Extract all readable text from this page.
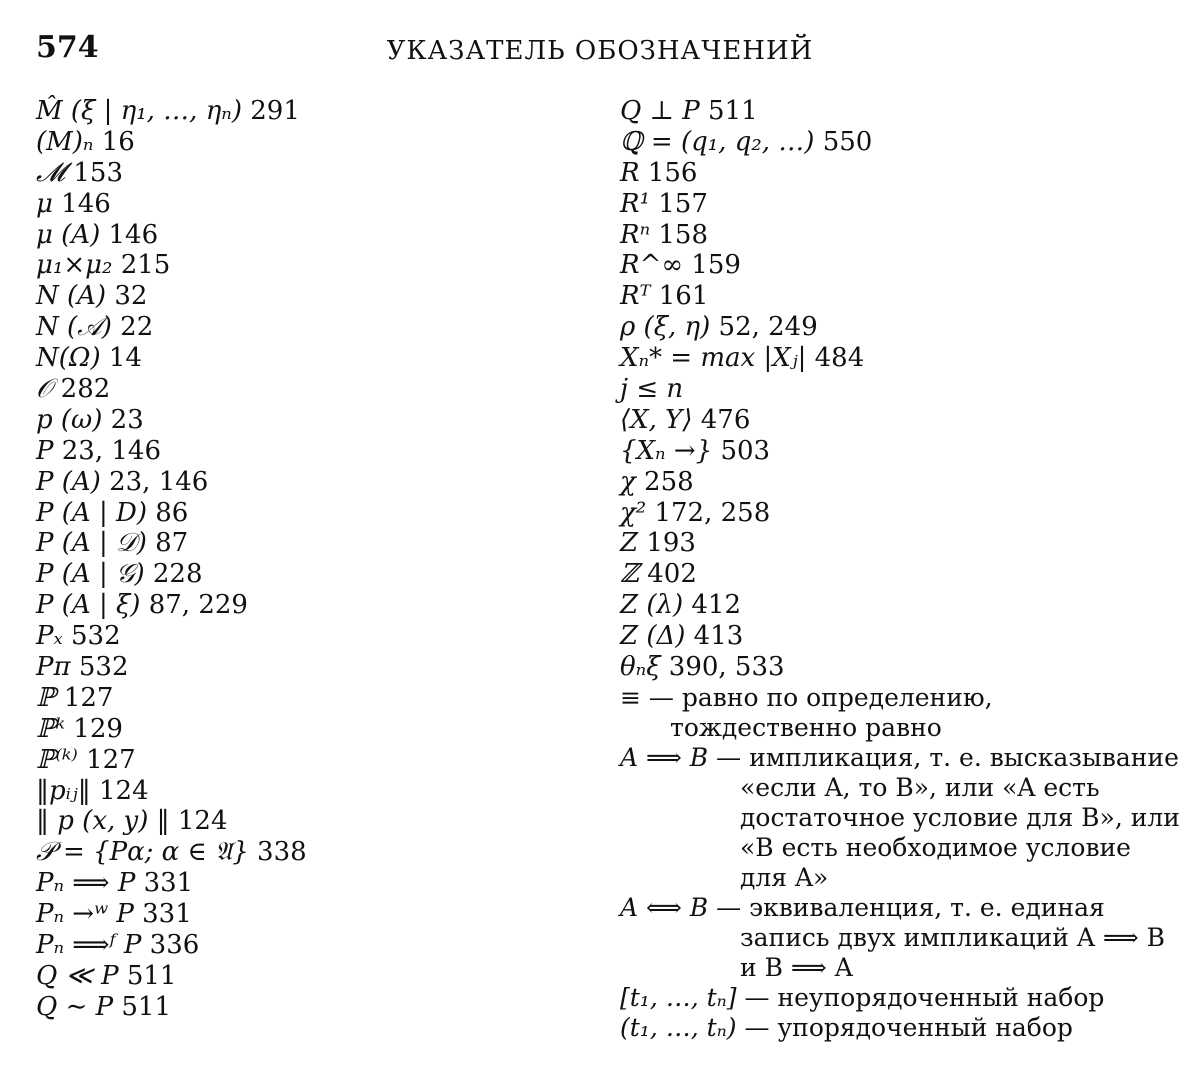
574	УКАЗАТЕЛЬ ОБОЗНАЧЕНИЙ
M̂ (ξ | η₁, …, ηₙ) 291
(M)ₙ 16
𝓜 153
μ 146
μ (A) 146
μ₁×μ₂ 215
N (A) 32
N (𝒜) 22
N(Ω) 14
𝒪 282
p (ω) 23
P 23, 146
P (A) 23, 146
P (A | D) 86
P (A | 𝒟) 87
P (A | 𝒢) 228
P (A | ξ) 87, 229
Pₓ 532
Pπ 532
ℙ 127
ℙᵏ 129
ℙ⁽ᵏ⁾ 127
‖pᵢⱼ‖ 124
‖ p (x, y) ‖ 124
𝒫 = {Pα; α ∈ 𝔄} 338
Pₙ ⟹ P 331
Pₙ →ʷ P 331
Pₙ ⟹ᶠ P 336
Q ≪ P 511
Q ∼ P 511
Q ⊥ P 511
ℚ = (q₁, q₂, …) 550
R 156
R¹ 157
Rⁿ 158
R^∞ 159
Rᵀ 161
ρ (ξ, η) 52, 249
Xₙ* = max |Xⱼ| 484
j ≤ n
⟨X, Y⟩ 476
{Xₙ →} 503
χ 258
χ² 172, 258
Z 193
ℤ 402
Z (λ) 412
Z (Δ) 413
θₙξ 390, 533
≡ — равно по определению, тождественно равно
A ⟹ B — импликация, т. е. высказывание «если A, то B», или «A есть достаточное условие для B», или «B есть необходимое условие для A»
A ⟺ B — эквиваленция, т. е. единая запись двух импликаций A ⟹ B и B ⟹ A
[t₁, …, tₙ] — неупорядоченный набор
(t₁, …, tₙ) — упорядоченный набор
